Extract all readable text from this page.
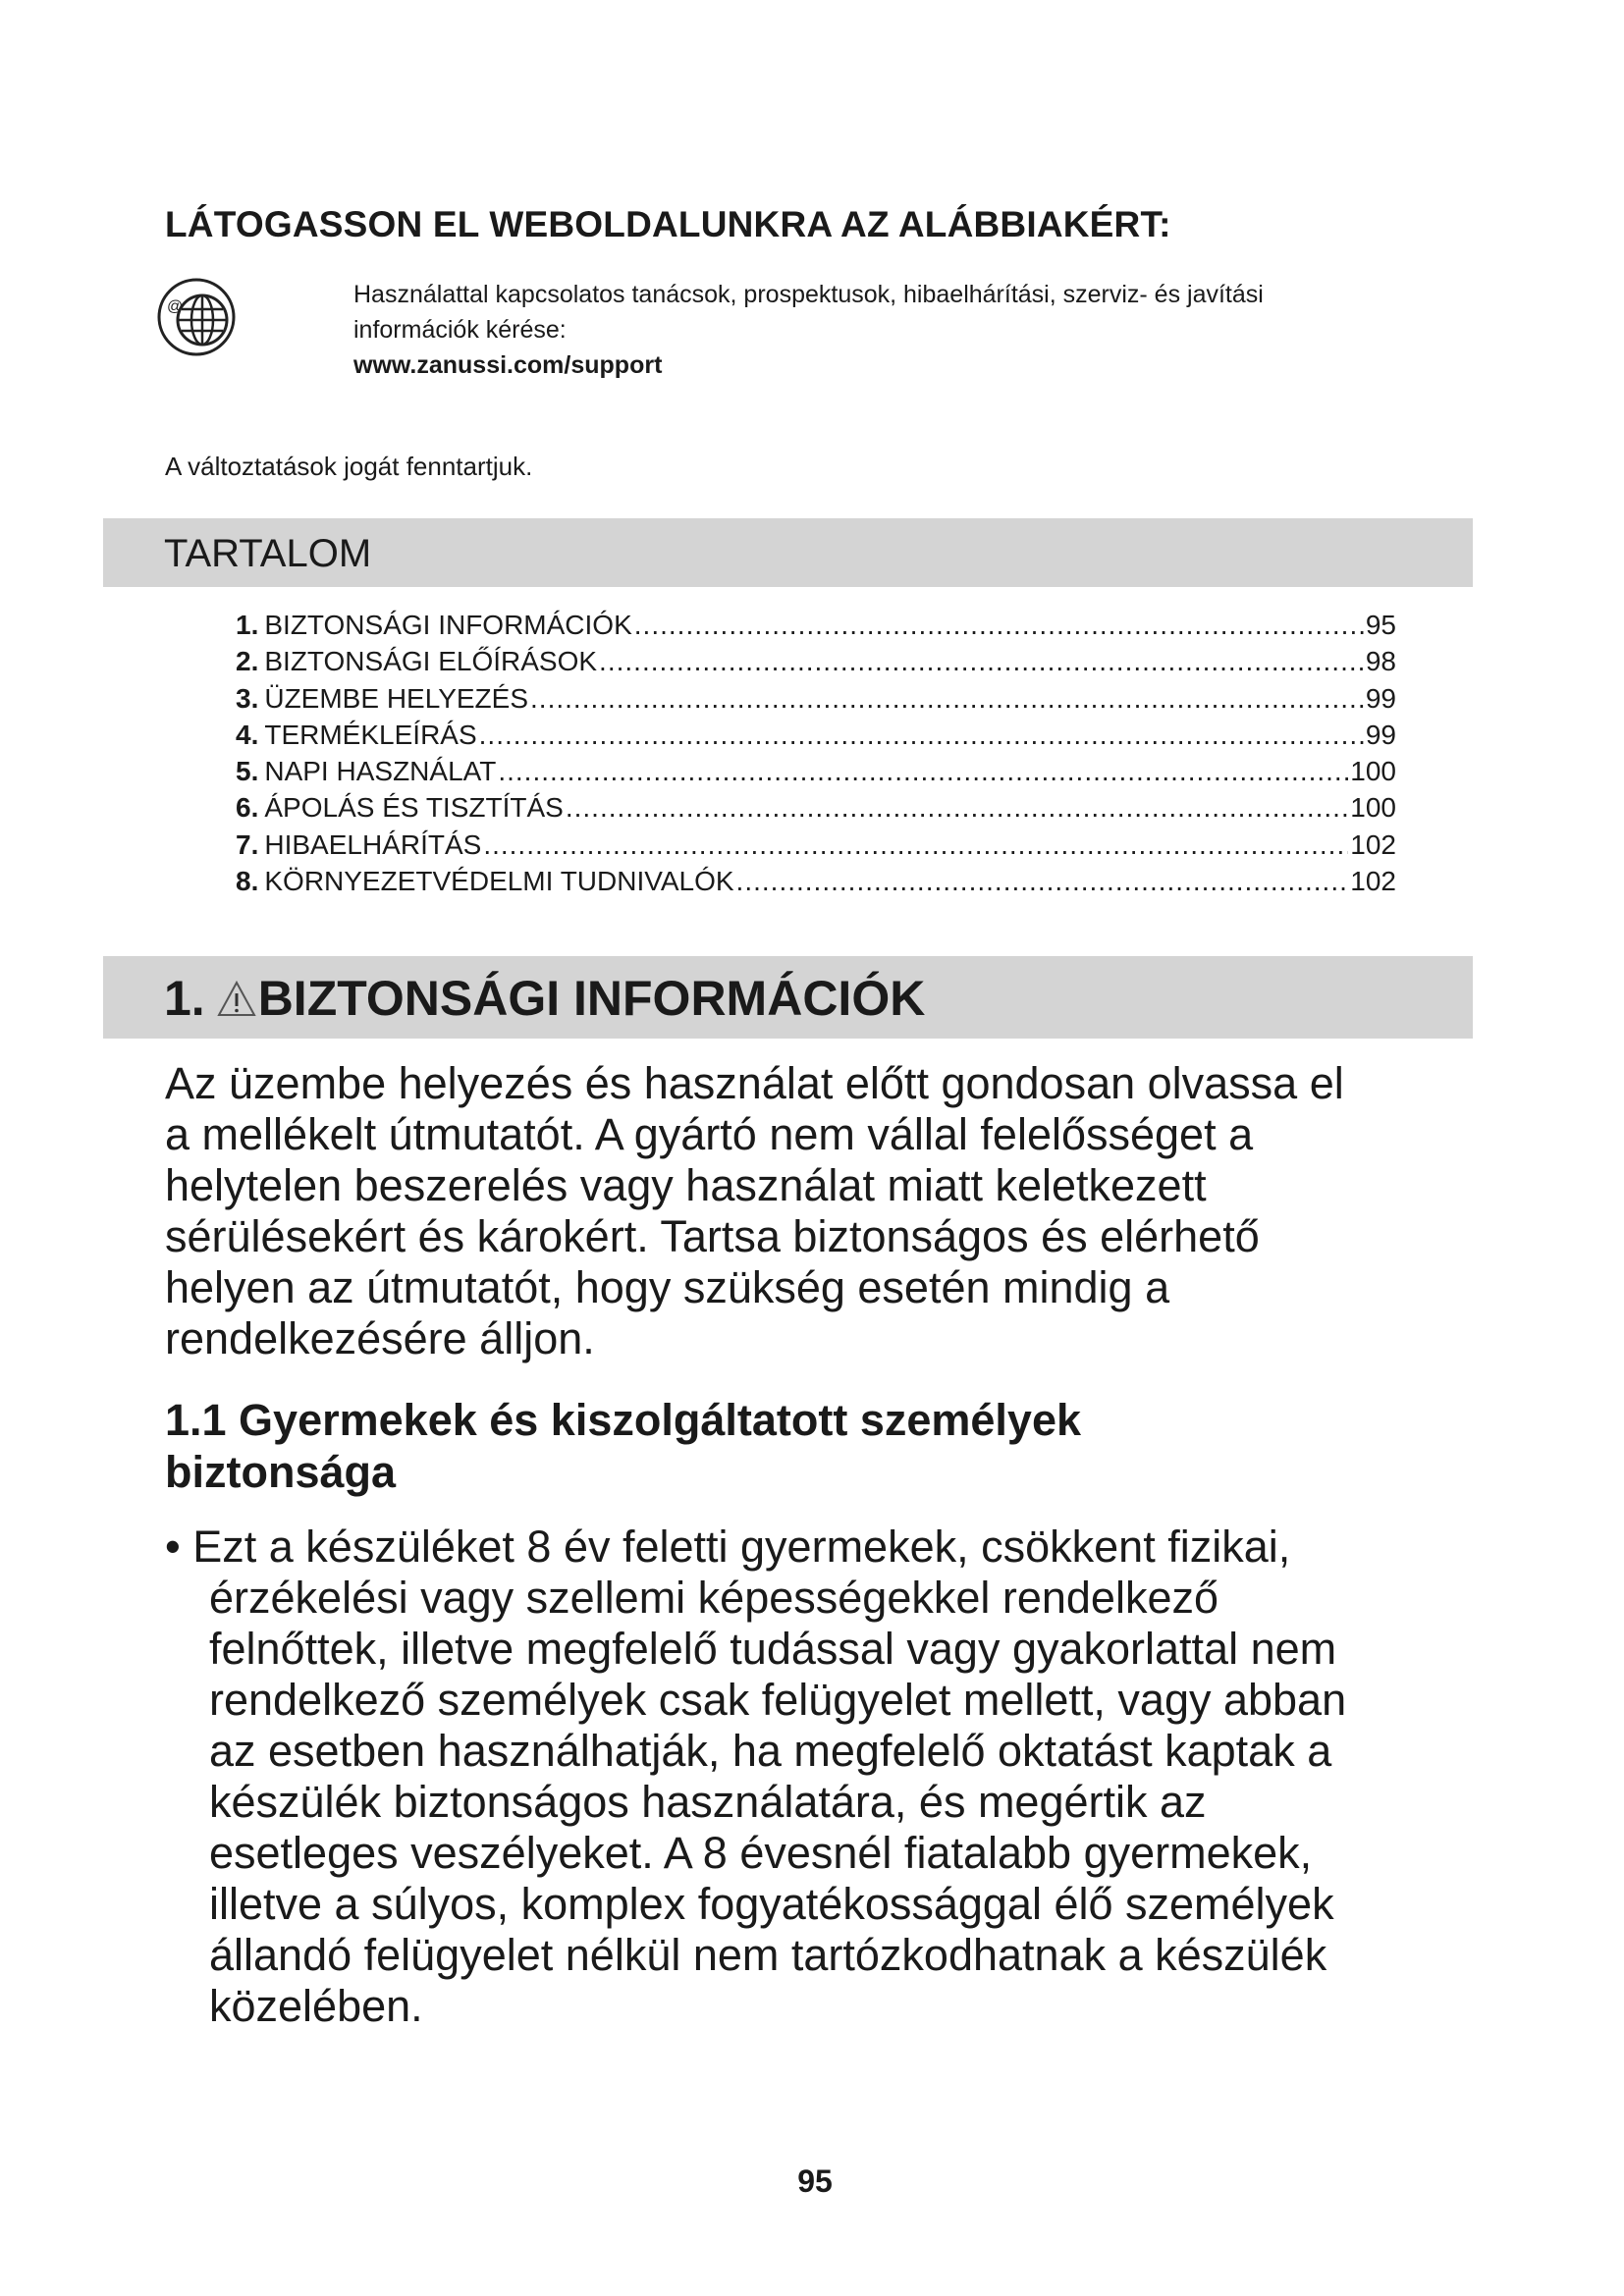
LÁTOGASSON EL WEBOLDALUNKRA AZ ALÁBBIAKÉRT:
@	Használattal kapcsolatos tanácsok, prospektusok, hibaelhárítási, szerviz- és javítási
információk kérése:
www.zanussi.com/support
A változtatások jogát fenntartjuk.
TARTALOM
1. BIZTONSÁGI INFORMÁCIÓK .....	95
2. BIZTONSÁGI ELŐÍRÁSOK .....	98
3. ÜZEMBE HELYEZÉS .....	99
4. TERMÉKLEÍRÁS .....	99
5. NAPI HASZNÁLAT .....	100
6. ÁPOLÁS ÉS TISZTÍTÁS .....	100
7. HIBAELHÁRÍTÁS .....	102
8. KÖRNYEZETVÉDELMI TUDNIVALÓK .....	102
1. BIZTONSÁGI INFORMÁCIÓK
Az üzembe helyezés és használat előtt gondosan olvassa el
a mellékelt útmutatót. A gyártó nem vállal felelősséget a
helytelen beszerelés vagy használat miatt keletkezett
sérülésekért és károkért. Tartsa biztonságos és elérhető
helyen az útmutatót, hogy szükség esetén mindig a
rendelkezésére álljon.
1.1 Gyermekek és kiszolgáltatott személyek
biztonsága
• Ezt a készüléket 8 év feletti gyermekek, csökkent fizikai,
érzékelési vagy szellemi képességekkel rendelkező
felnőttek, illetve megfelelő tudással vagy gyakorlattal nem
rendelkező személyek csak felügyelet mellett, vagy abban
az esetben használhatják, ha megfelelő oktatást kaptak a
készülék biztonságos használatára, és megértik az
esetleges veszélyeket. A 8 évesnél fiatalabb gyermekek,
illetve a súlyos, komplex fogyatékossággal élő személyek
állandó felügyelet nélkül nem tartózkodhatnak a készülék
közelében.
95
